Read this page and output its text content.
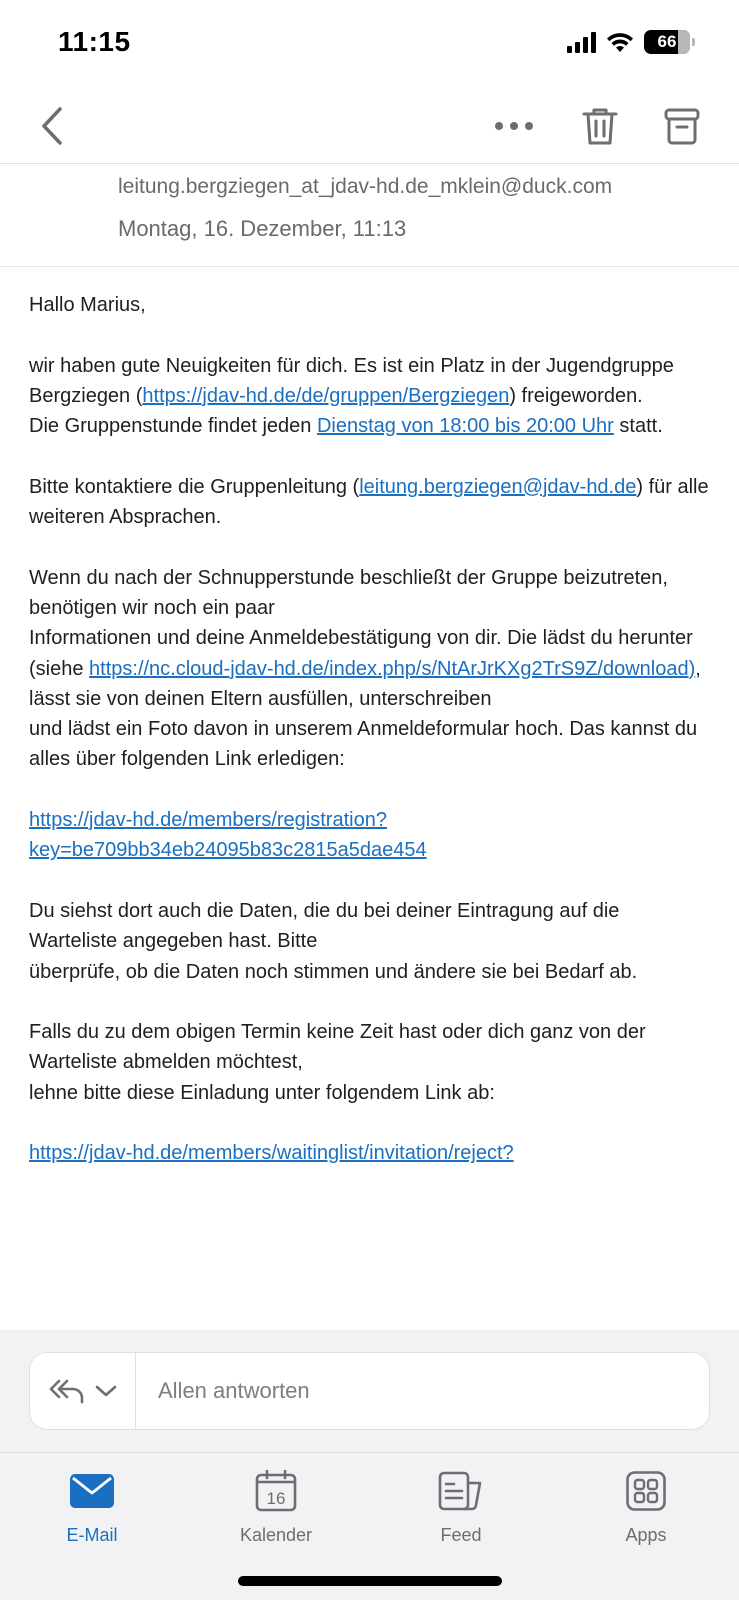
11:15	66
leitung.bergziegen_at_jdav-hd.de_mklein@duck.com
Montag, 16. Dezember, 11:13

Hallo Marius,

wir haben gute Neuigkeiten für dich. Es ist ein Platz in der Jugendgruppe Bergziegen (https://jdav-hd.de/de/gruppen/Bergziegen) freigeworden.

Die Gruppenstunde findet jeden Dienstag von 18:00 bis 20:00 Uhr statt.

Bitte kontaktiere die Gruppenleitung (leitung.bergziegen@jdav-hd.de) für alle weiteren Absprachen.

Wenn du nach der Schnupperstunde beschließt der Gruppe beizutreten, benötigen wir noch ein paar

Informationen und deine Anmeldebestätigung von dir. Die lädst du herunter

(siehe https://nc.cloud-jdav-hd.de/index.php/s/NtArJrKXg2TrS9Z/download), lässt sie von deinen Eltern ausfüllen, unterschreiben

und lädst ein Foto davon in unserem Anmeldeformular hoch. Das kannst du alles über folgenden Link erledigen:

https://jdav-hd.de/members/registration?key=be709bb34eb24095b83c2815a5dae454

Du siehst dort auch die Daten, die du bei deiner Eintragung auf die Warteliste angegeben hast. Bitte

überprüfe, ob die Daten noch stimmen und ändere sie bei Bedarf ab.

Falls du zu dem obigen Termin keine Zeit hast oder dich ganz von der Warteliste abmelden möchtest,

lehne bitte diese Einladung unter folgendem Link ab:

https://jdav-hd.de/members/waitinglist/invitation/reject?

Allen antworten
E-Mail
16
Kalender	Feed	Apps
